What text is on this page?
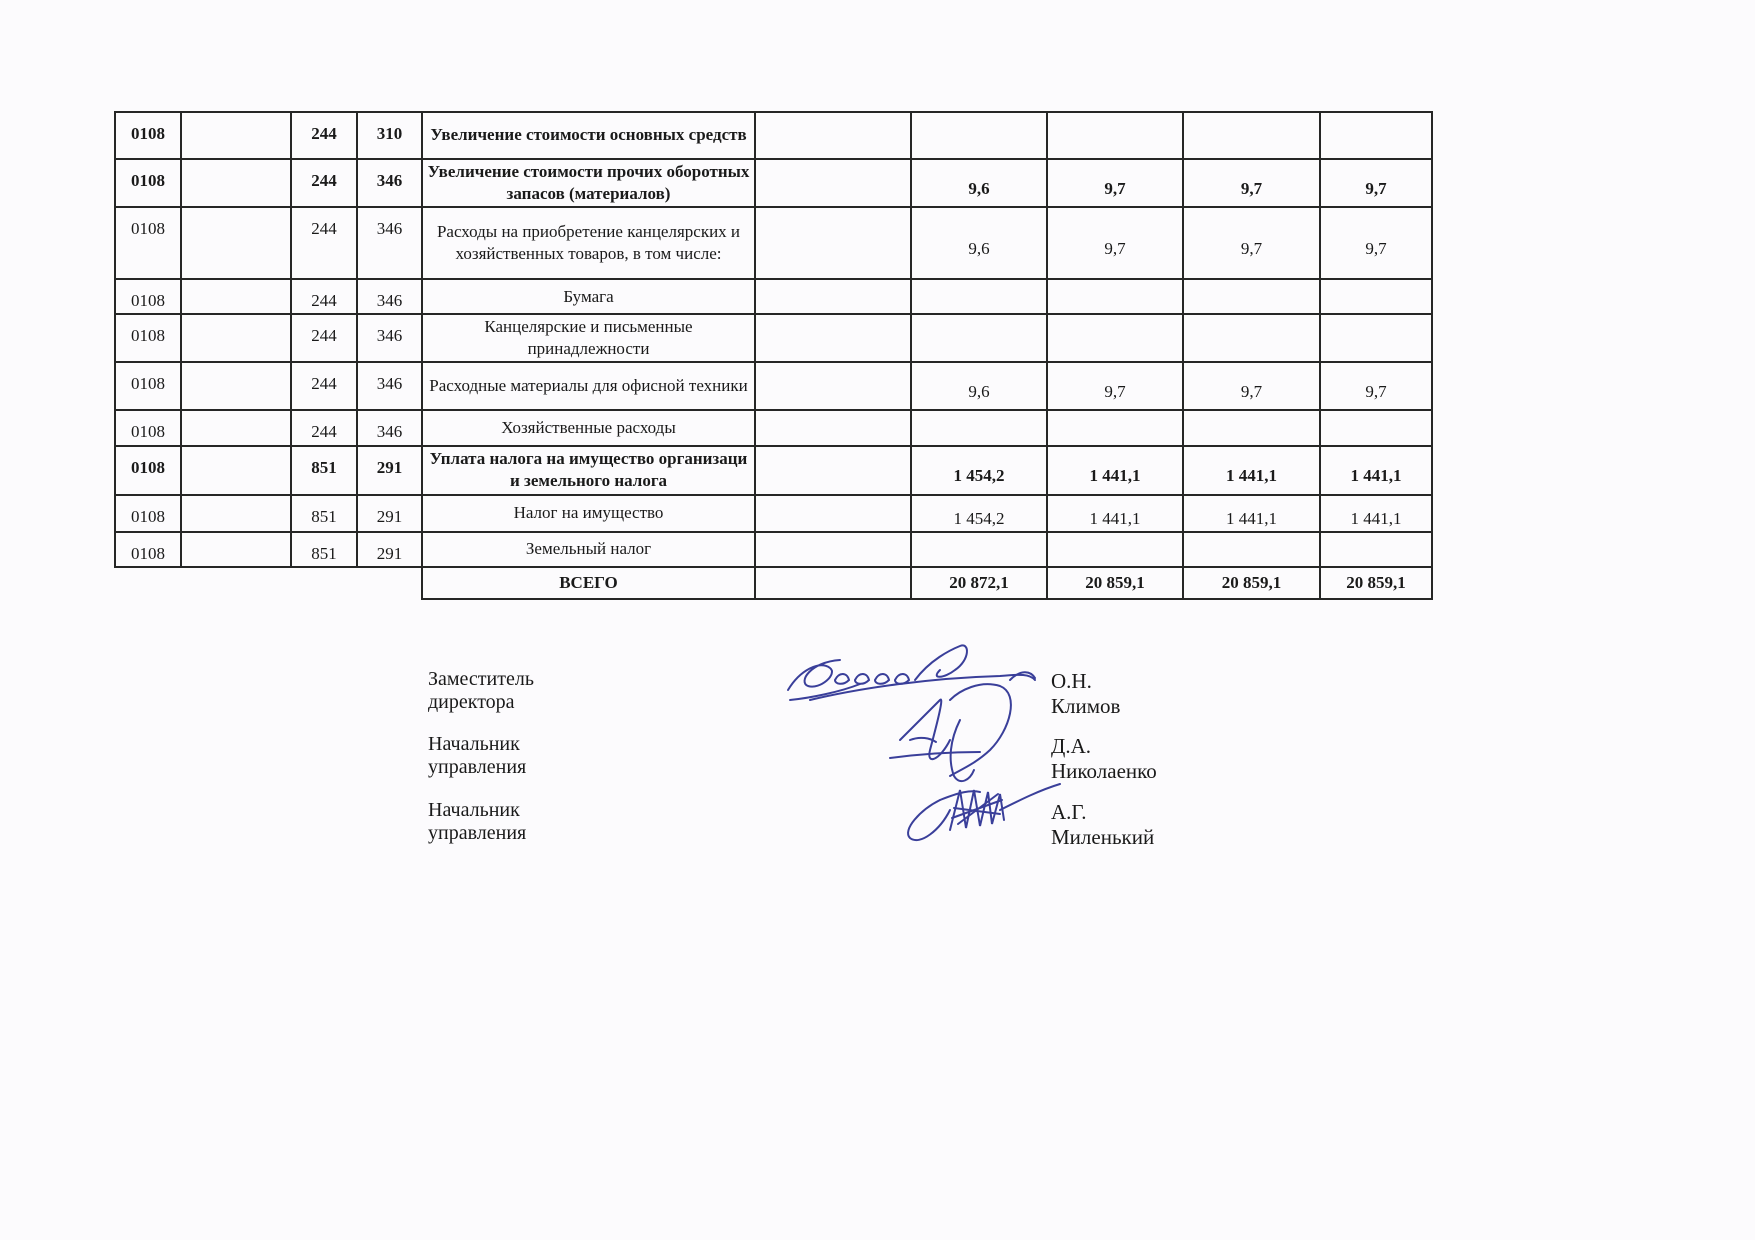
0108		244	310	Увеличение стоимости основных средств					
0108		244	346	Увеличение стоимости прочих оборотных запасов (материалов)		9,6	9,7	9,7	9,7
0108		244	346	Расходы на приобретение канцелярских и хозяйственных товаров, в том числе:		9,6	9,7	9,7	9,7
0108		244	346	Бумага					
0108		244	346	Канцелярские и письменные принадлежности					
0108		244	346	Расходные материалы для офисной техники		9,6	9,7	9,7	9,7
0108		244	346	Хозяйственные расходы					
0108		851	291	Уплата налога на имущество организаци и земельного налога		1 454,2	1 441,1	1 441,1	1 441,1
0108		851	291	Налог на имущество		1 454,2	1 441,1	1 441,1	1 441,1
0108		851	291	Земельный налог					
				ВСЕГО		20 872,1	20 859,1	20 859,1	20 859,1
Заместитель директора
О.Н. Климов
Начальник управления
Д.А. Николаенко
Начальник управления
А.Г. Миленький
